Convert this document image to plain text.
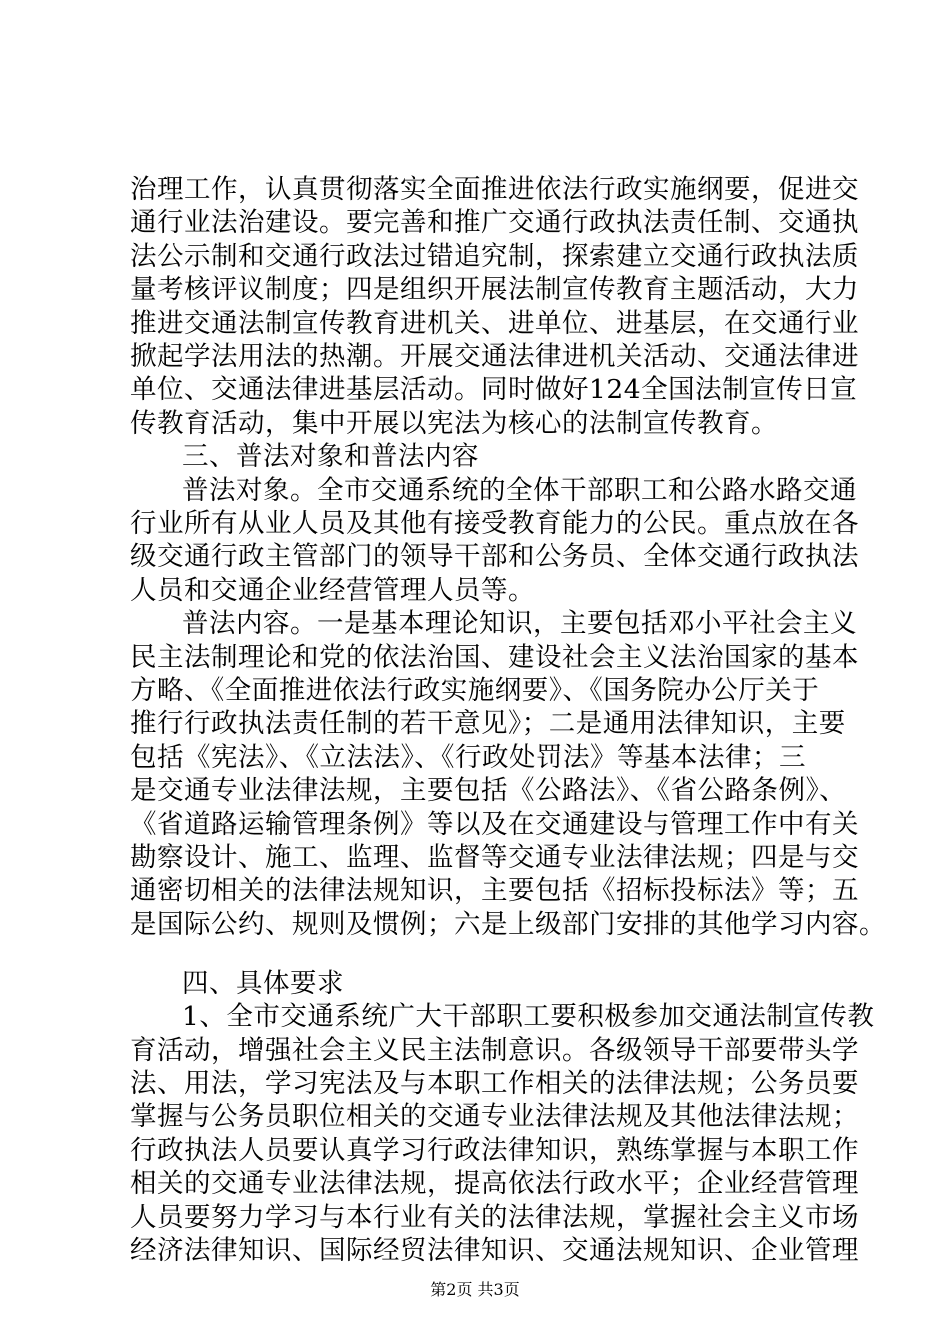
治理工作，认真贯彻落实全面推进依法行政实施纲要，促进交
通行业法治建设。要完善和推广交通行政执法责任制、交通执
法公示制和交通行政法过错追究制，探索建立交通行政执法质
量考核评议制度；四是组织开展法制宣传教育主题活动，大力
推进交通法制宣传教育进机关、进单位、进基层，在交通行业
掀起学法用法的热潮。开展交通法律进机关活动、交通法律进
单位、交通法律进基层活动。同时做好124全国法制宣传日宣
传教育活动，集中开展以宪法为核心的法制宣传教育。
三、普法对象和普法内容
普法对象。全市交通系统的全体干部职工和公路水路交通
行业所有从业人员及其他有接受教育能力的公民。重点放在各
级交通行政主管部门的领导干部和公务员、全体交通行政执法
人员和交通企业经营管理人员等。
普法内容。一是基本理论知识，主要包括邓小平社会主义
民主法制理论和党的依法治国、建设社会主义法治国家的基本
方略、《全面推进依法行政实施纲要》、《国务院办公厅关于
推行行政执法责任制的若干意见》；二是通用法律知识，主要
包括《宪法》、《立法法》、《行政处罚法》等基本法律；三
是交通专业法律法规，主要包括《公路法》、《省公路条例》、
《省道路运输管理条例》等以及在交通建设与管理工作中有关
勘察设计、施工、监理、监督等交通专业法律法规；四是与交
通密切相关的法律法规知识，主要包括《招标投标法》等；五
是国际公约、规则及惯例；六是上级部门安排的其他学习内容。
四、具体要求
1、全市交通系统广大干部职工要积极参加交通法制宣传教
育活动，增强社会主义民主法制意识。各级领导干部要带头学
法、用法，学习宪法及与本职工作相关的法律法规；公务员要
掌握与公务员职位相关的交通专业法律法规及其他法律法规；
行政执法人员要认真学习行政法律知识，熟练掌握与本职工作
相关的交通专业法律法规，提高依法行政水平；企业经营管理
人员要努力学习与本行业有关的法律法规，掌握社会主义市场
经济法律知识、国际经贸法律知识、交通法规知识、企业管理
第2页 共3页
